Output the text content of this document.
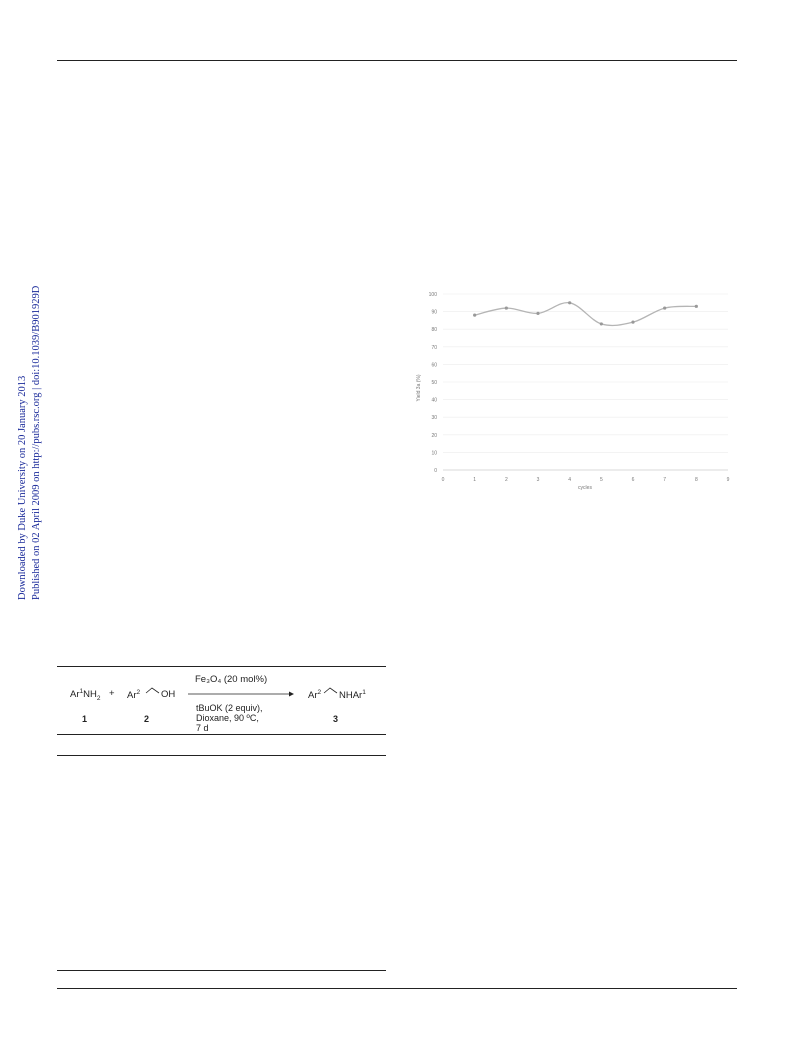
Downloaded by Duke University on 20 January 2013 Published on 02 April 2009 on http://pubs.rsc.org | doi:10.1039/B901929D	0
10
20
30
40
50
60
70
80
90
100
0	1	2	3	4	5	6	7	8	9
Yield 3a (%)
cycles
Fe₃O₄ (20 mol%)
$Ar^1NH_2 + Ar^2$ OH
tBuOK (2 equiv),
Dioxane, 90 ºC,
7 d
Ar$^2$ NHAr$^1$
1	2	3
